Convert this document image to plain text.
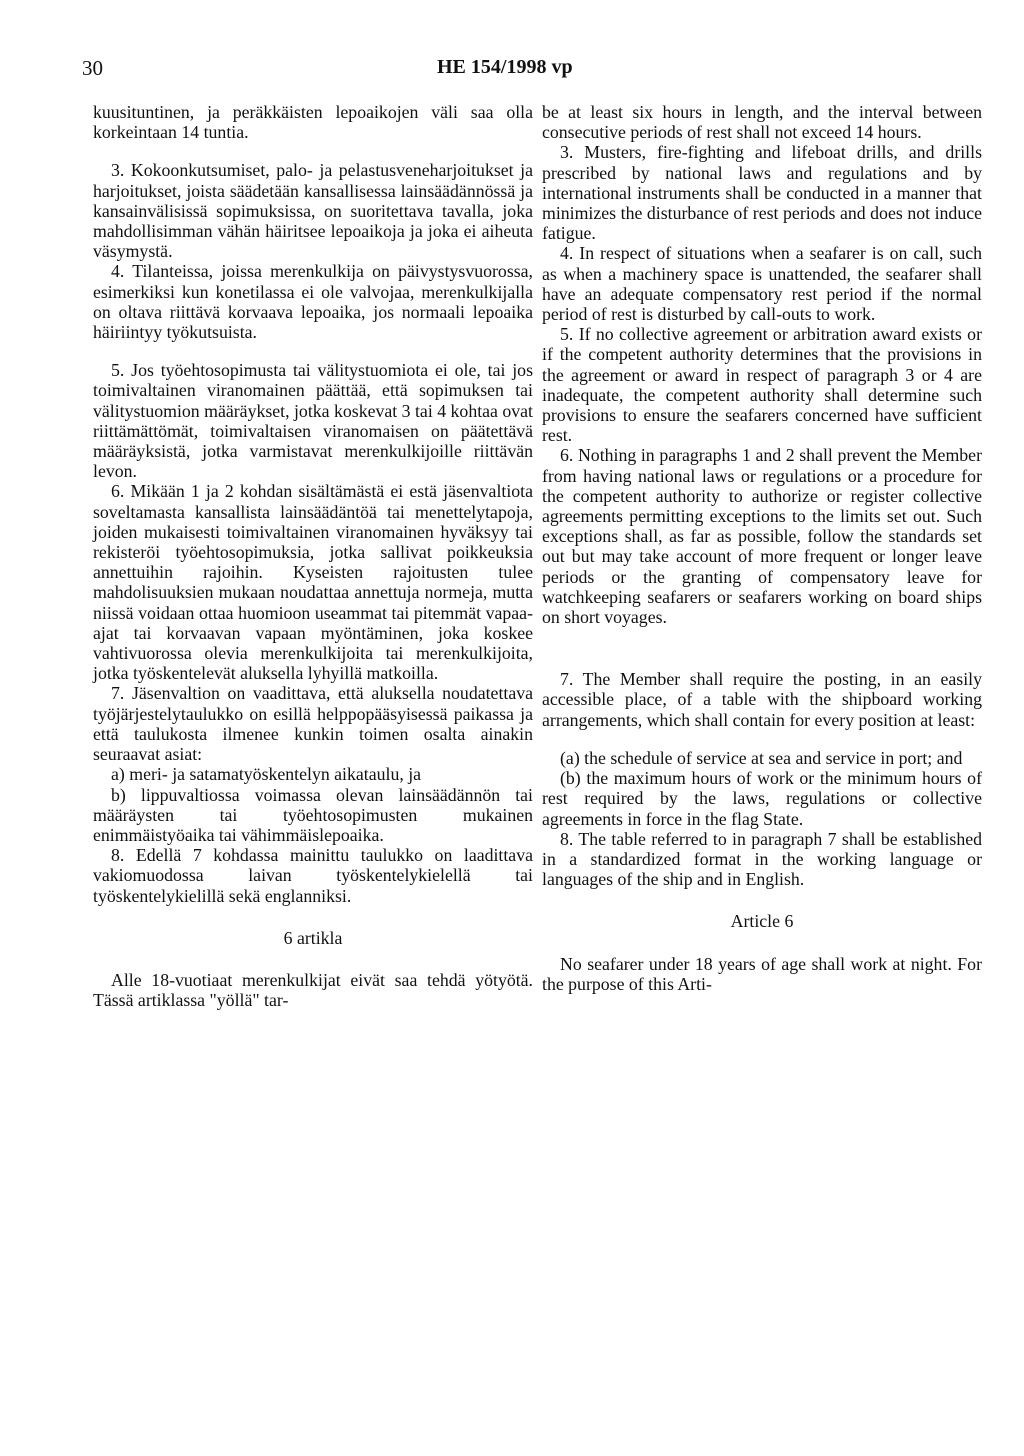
30	HE 154/1998 vp

kuusituntinen, ja peräkkäisten lepoaikojen väli saa olla korkeintaan 14 tuntia.

3. Kokoonkutsumiset, palo- ja pelastusveneharjoitukset ja harjoitukset, joista säädetään kansallisessa lainsäädännössä ja kansainvälisissä sopimuksissa, on suoritettava tavalla, joka mahdollisimman vähän häiritsee lepoaikoja ja joka ei aiheuta väsymystä.

4. Tilanteissa, joissa merenkulkija on päivystysvuorossa, esimerkiksi kun konetilassa ei ole valvojaa, merenkulkijalla on oltava riittävä korvaava lepoaika, jos normaali lepoaika häiriintyy työkutsuista.

5. Jos työehtosopimusta tai välitystuomiota ei ole, tai jos toimivaltainen viranomainen päättää, että sopimuksen tai välitystuomion määräykset, jotka koskevat 3 tai 4 kohtaa ovat riittämättömät, toimivaltaisen viranomaisen on päätettävä määräyksistä, jotka varmistavat merenkulkijoille riittävän levon.

6. Mikään 1 ja 2 kohdan sisältämästä ei estä jäsenvaltiota soveltamasta kansallista lainsäädäntöä tai menettelytapoja, joiden mukaisesti toimivaltainen viranomainen hyväksyy tai rekisteröi työehtosopimuksia, jotka sallivat poikkeuksia annettuihin rajoihin. Kyseisten rajoitusten tulee mahdolisuuksien mukaan noudattaa annettuja normeja, mutta niissä voidaan ottaa huomioon useammat tai pitemmät vapaa-ajat tai korvaavan vapaan myöntäminen, joka koskee vahtivuorossa olevia merenkulkijoita tai merenkulkijoita, jotka työskentelevät aluksella lyhyillä matkoilla.

7. Jäsenvaltion on vaadittava, että aluksella noudatettava työjärjestelytaulukko on esillä helppopääsyisessä paikassa ja että taulukosta ilmenee kunkin toimen osalta ainakin seuraavat asiat:

a) meri- ja satamatyöskentelyn aikataulu, ja

b) lippuvaltiossa voimassa olevan lainsäädännön tai määräysten tai työehtosopimusten mukainen enimmäistyöaika tai vähimmäislepoaika.

8. Edellä 7 kohdassa mainittu taulukko on laadittava vakiomuodossa laivan työskentelykielellä tai työskentelykielillä sekä englanniksi.

6 artikla

Alle 18-vuotiaat merenkulkijat eivät saa tehdä yötyötä. Tässä artiklassa "yöllä" tar-

be at least six hours in length, and the interval between consecutive periods of rest shall not exceed 14 hours.

3. Musters, fire-fighting and lifeboat drills, and drills prescribed by national laws and regulations and by international instruments shall be conducted in a manner that minimizes the disturbance of rest periods and does not induce fatigue.

4. In respect of situations when a seafarer is on call, such as when a machinery space is unattended, the seafarer shall have an adequate compensatory rest period if the normal period of rest is disturbed by call-outs to work.

5. If no collective agreement or arbitration award exists or if the competent authority determines that the provisions in the agreement or award in respect of paragraph 3 or 4 are inadequate, the competent authority shall determine such provisions to ensure the seafarers concerned have sufficient rest.

6. Nothing in paragraphs 1 and 2 shall prevent the Member from having national laws or regulations or a procedure for the competent authority to authorize or register collective agreements permitting exceptions to the limits set out. Such exceptions shall, as far as possible, follow the standards set out but may take account of more frequent or longer leave periods or the granting of compensatory leave for watchkeeping seafarers or seafarers working on board ships on short voyages.

7. The Member shall require the posting, in an easily accessible place, of a table with the shipboard working arrangements, which shall contain for every position at least:

(a) the schedule of service at sea and service in port; and

(b) the maximum hours of work or the minimum hours of rest required by the laws, regulations or collective agreements in force in the flag State.

8. The table referred to in paragraph 7 shall be established in a standardized format in the working language or languages of the ship and in English.

Article 6

No seafarer under 18 years of age shall work at night. For the purpose of this Arti-
